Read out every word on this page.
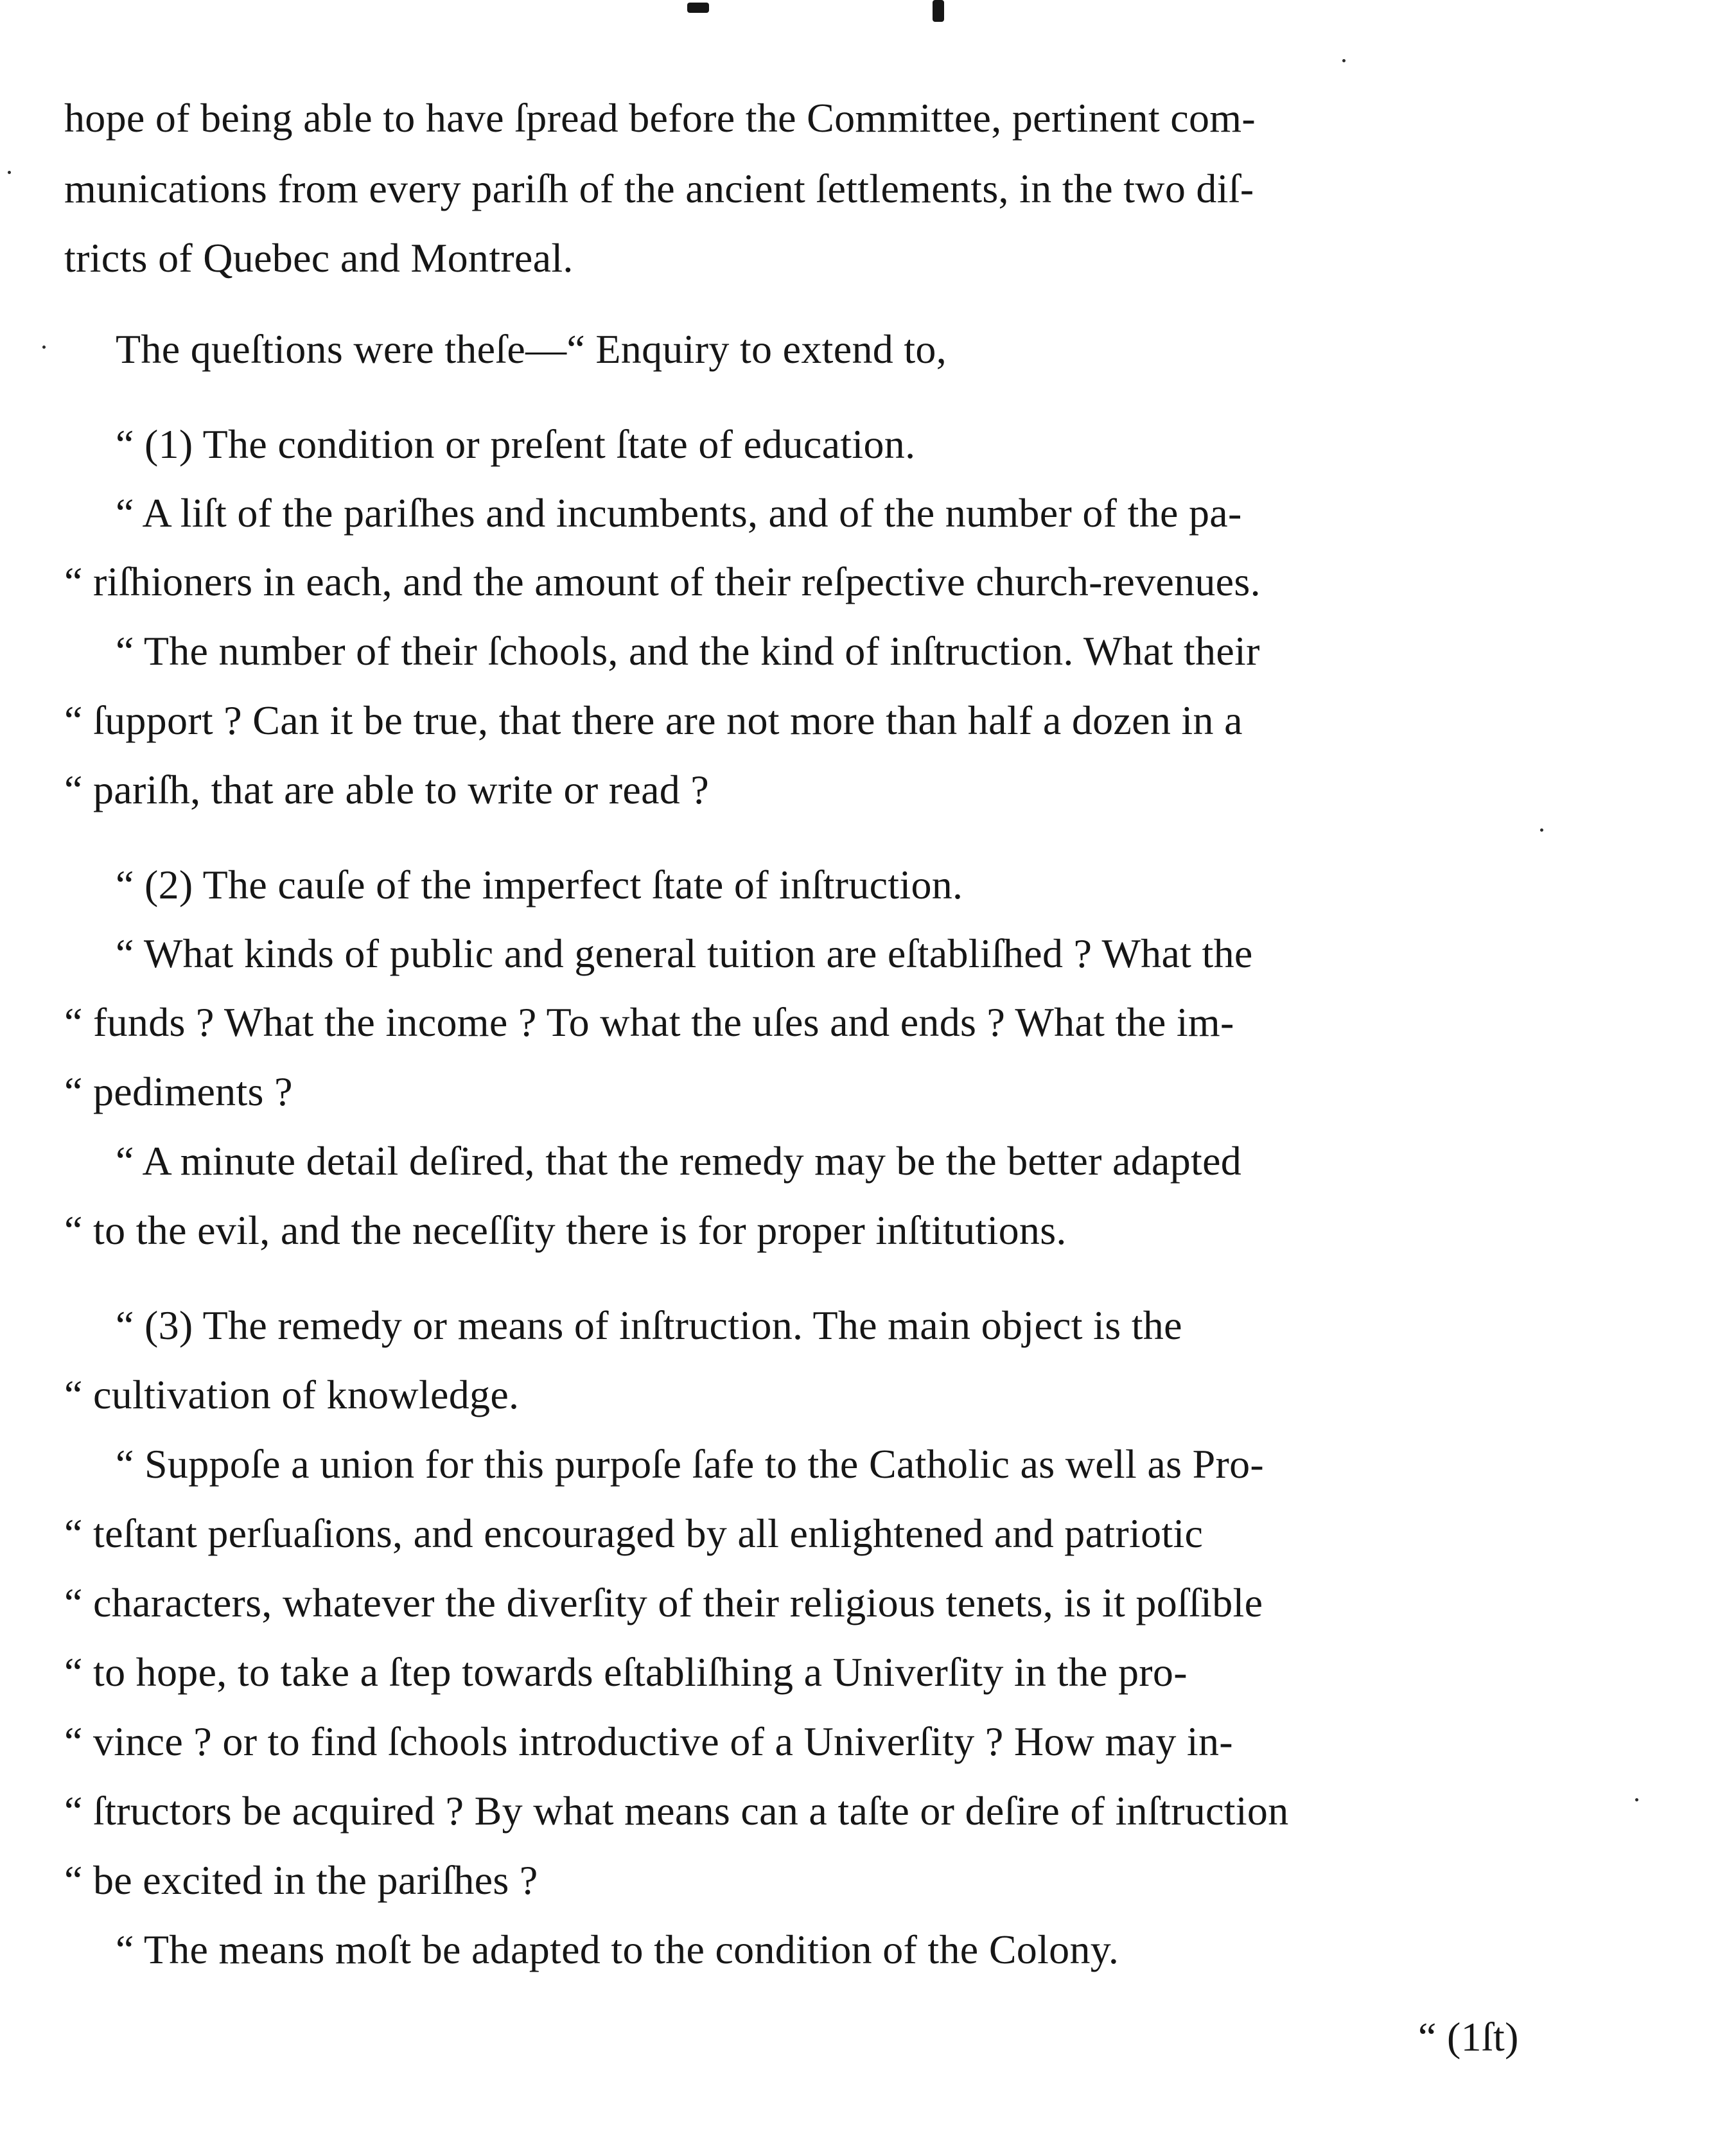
hope of being able to have ſpread before the Committee, pertinent com-
munications from every pariſh of the ancient ſettlements, in the two diſ-
tricts of Quebec and Montreal.
The queſtions were theſe—“ Enquiry to extend to,
“ (1) The condition or preſent ſtate of education.
“ A liſt of the pariſhes and incumbents, and of the number of the pa-
“ riſhioners in each, and the amount of their reſpective church-revenues.
“ The number of their ſchools, and the kind of inſtruction. What their
“ ſupport ? Can it be true, that there are not more than half a dozen in a
“ pariſh, that are able to write or read ?
“ (2) The cauſe of the imperfect ſtate of inſtruction.
“ What kinds of public and general tuition are eſtabliſhed ? What the
“ funds ? What the income ? To what the uſes and ends ? What the im-
“ pediments ?
“ A minute detail deſired, that the remedy may be the better adapted
“ to the evil, and the neceſſity there is for proper inſtitutions.
“ (3) The remedy or means of inſtruction. The main object is the
“ cultivation of knowledge.
“ Suppoſe a union for this purpoſe ſafe to the Catholic as well as Pro-
“ teſtant perſuaſions, and encouraged by all enlightened and patriotic
“ characters, whatever the diverſity of their religious tenets, is it poſſible
“ to hope, to take a ſtep towards eſtabliſhing a Univerſity in the pro-
“ vince ? or to find ſchools introductive of a Univerſity ? How may in-
“ ſtructors be acquired ? By what means can a taſte or deſire of inſtruction
“ be excited in the pariſhes ?
“ The means moſt be adapted to the condition of the Colony.
“ (1ſt)
